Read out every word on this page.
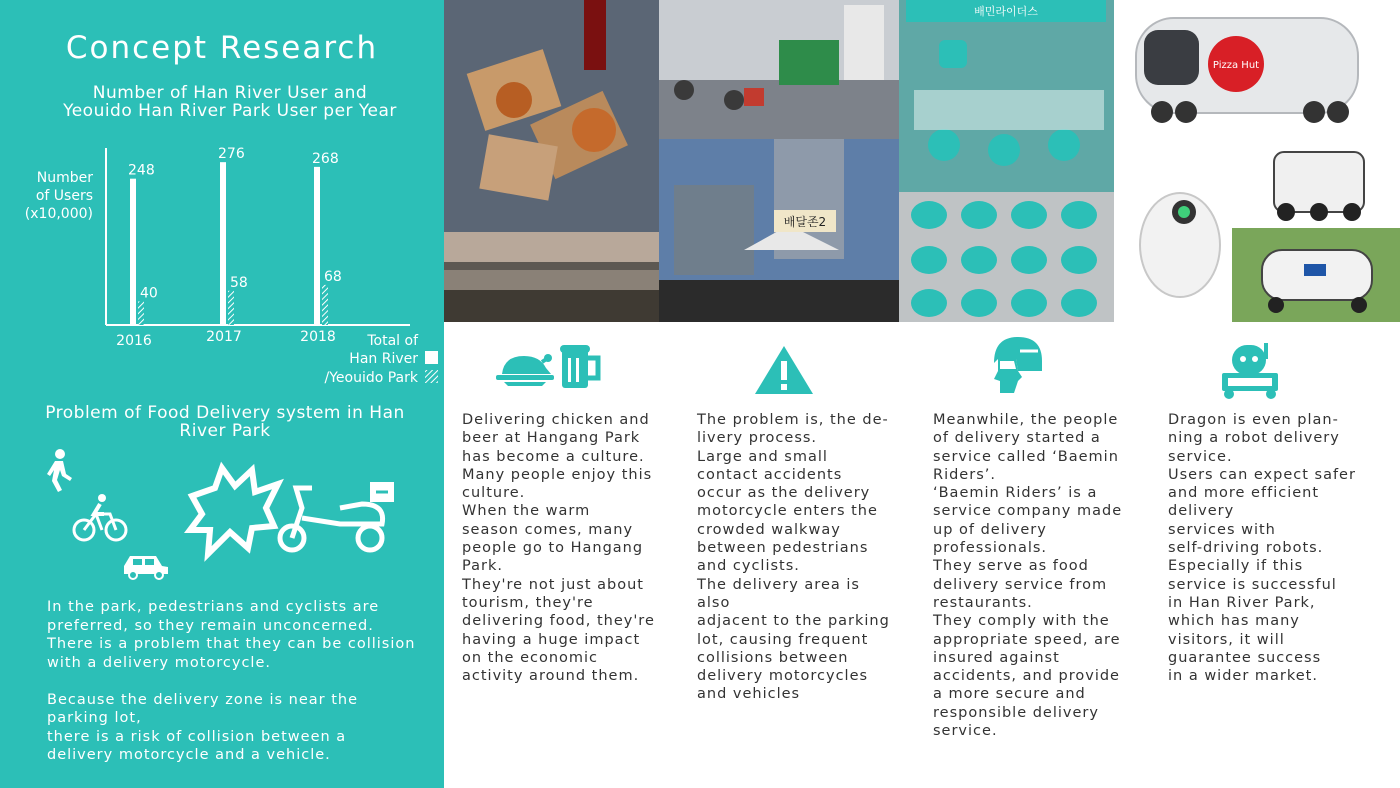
Concept Research
Number of Han River User and Yeouido Han River Park User per Year
Number
of Users
(x10,000)
248
40
2016
276
58
2017
268
68
2018 Total of
Han River
/Yeouido Park
Problem of Food Delivery system in Han River Park
In the park, pedestrians and cyclists are preferred, so they remain unconcerned.
There is a problem that they can be collision with a delivery motorcycle.

Because the delivery zone is near the parking lot,
there is a risk of collision between a delivery motorcycle and a vehicle.
배민라이더스
Pizza Hut
배달존2
Delivering chicken and
beer at Hangang Park
has become a culture.
Many people enjoy this
culture.
When the warm
season comes, many
people go to Hangang
Park.
They're not just about
tourism, they're
delivering food, they're
having a huge impact
on the economic
activity around them.
The problem is, the de-
livery process.
Large and small
contact accidents
occur as the delivery
motorcycle enters the
crowded walkway
between pedestrians
and cyclists.
The delivery area is
also
adjacent to the parking
lot, causing frequent
collisions between
delivery motorcycles
and vehicles
Meanwhile, the people
of delivery started a
service called ‘Baemin
Riders’.
‘Baemin Riders’ is a
service company made
up of delivery
professionals.
They serve as food
delivery service from
restaurants.
They comply with the
appropriate speed, are
insured against
accidents, and provide
a more secure and
responsible delivery
service.
Dragon is even plan-
ning a robot delivery
service.
Users can expect safer
and more efficient
delivery
services with
self-driving robots.
Especially if this
service is successful
in Han River Park,
which has many
visitors, it will
guarantee success
in a wider market.
